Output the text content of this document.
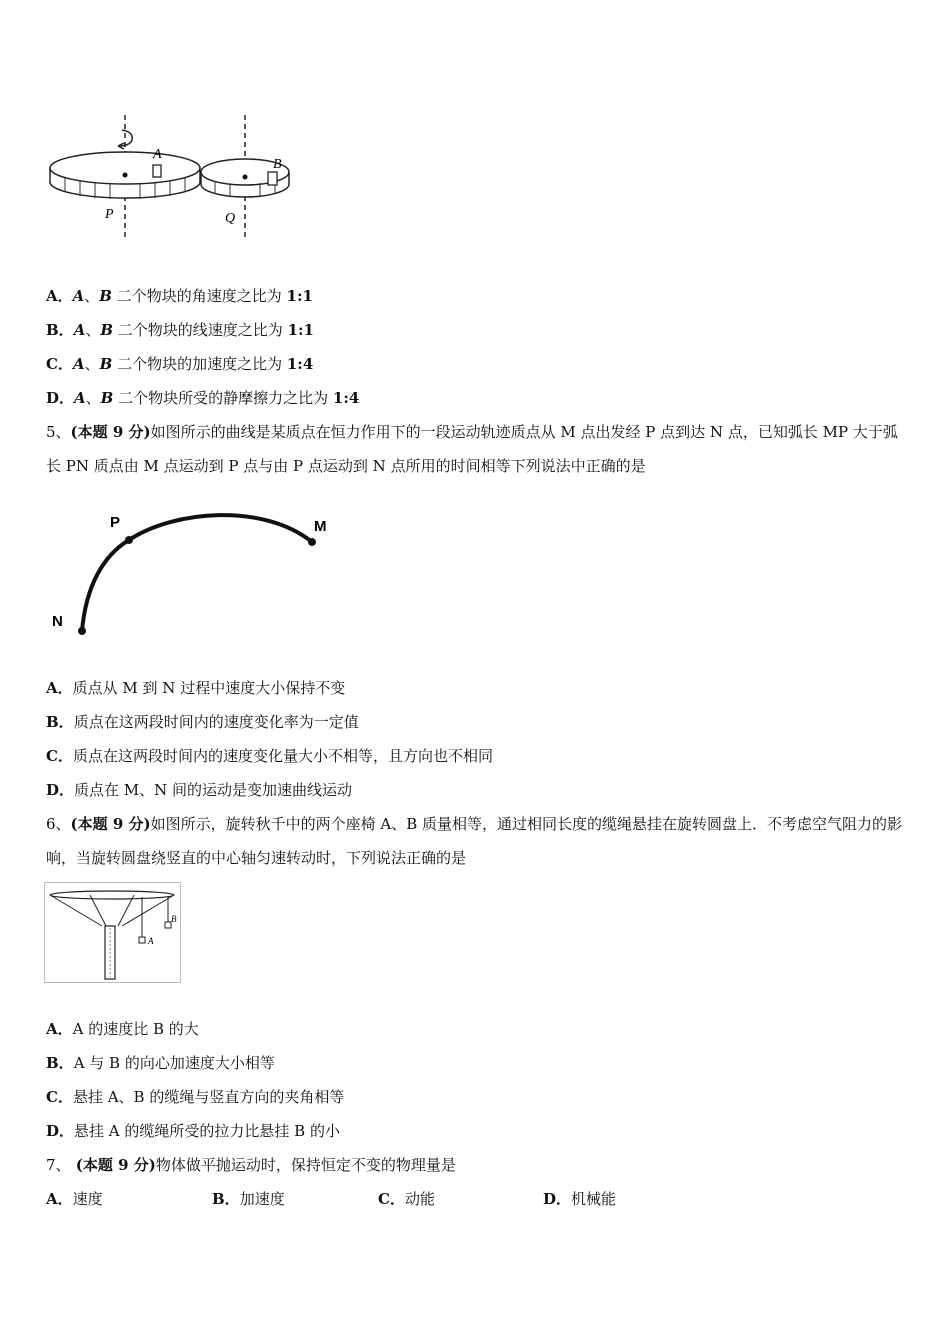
A
B
P	Q
A．A、B 二个物块的角速度之比为 1:1
B．A、B 二个物块的线速度之比为 1:1
C．A、B 二个物块的加速度之比为 1:4
D．A、B 二个物块所受的静摩擦力之比为 1:4
5、(本题 9 分)如图所示的曲线是某质点在恒力作用下的一段运动轨迹质点从 M 点出发经 P 点到达 N 点，已知弧长 MP 大于弧长 PN 质点由 M 点运动到 P 点与由 P 点运动到 N 点所用的时间相等下列说法中正确的是
P	M
N
A．质点从 M 到 N 过程中速度大小保持不变
B．质点在这两段时间内的速度变化率为一定值
C．质点在这两段时间内的速度变化量大小不相等，且方向也不相同
D．质点在 M、N 间的运动是变加速曲线运动
6、(本题 9 分)如图所示，旋转秋千中的两个座椅 A、B 质量相等，通过相同长度的缆绳悬挂在旋转圆盘上．不考虑空气阻力的影响，当旋转圆盘绕竖直的中心轴匀速转动时，下列说法正确的是
A
B
A．A 的速度比 B 的大
B．A 与 B 的向心加速度大小相等
C．悬挂 A、B 的缆绳与竖直方向的夹角相等
D．悬挂 A 的缆绳所受的拉力比悬挂 B 的小
7、 (本题 9 分)物体做平抛运动时，保持恒定不变的物理量是
A．速度	B．加速度	C．动能	D．机械能
